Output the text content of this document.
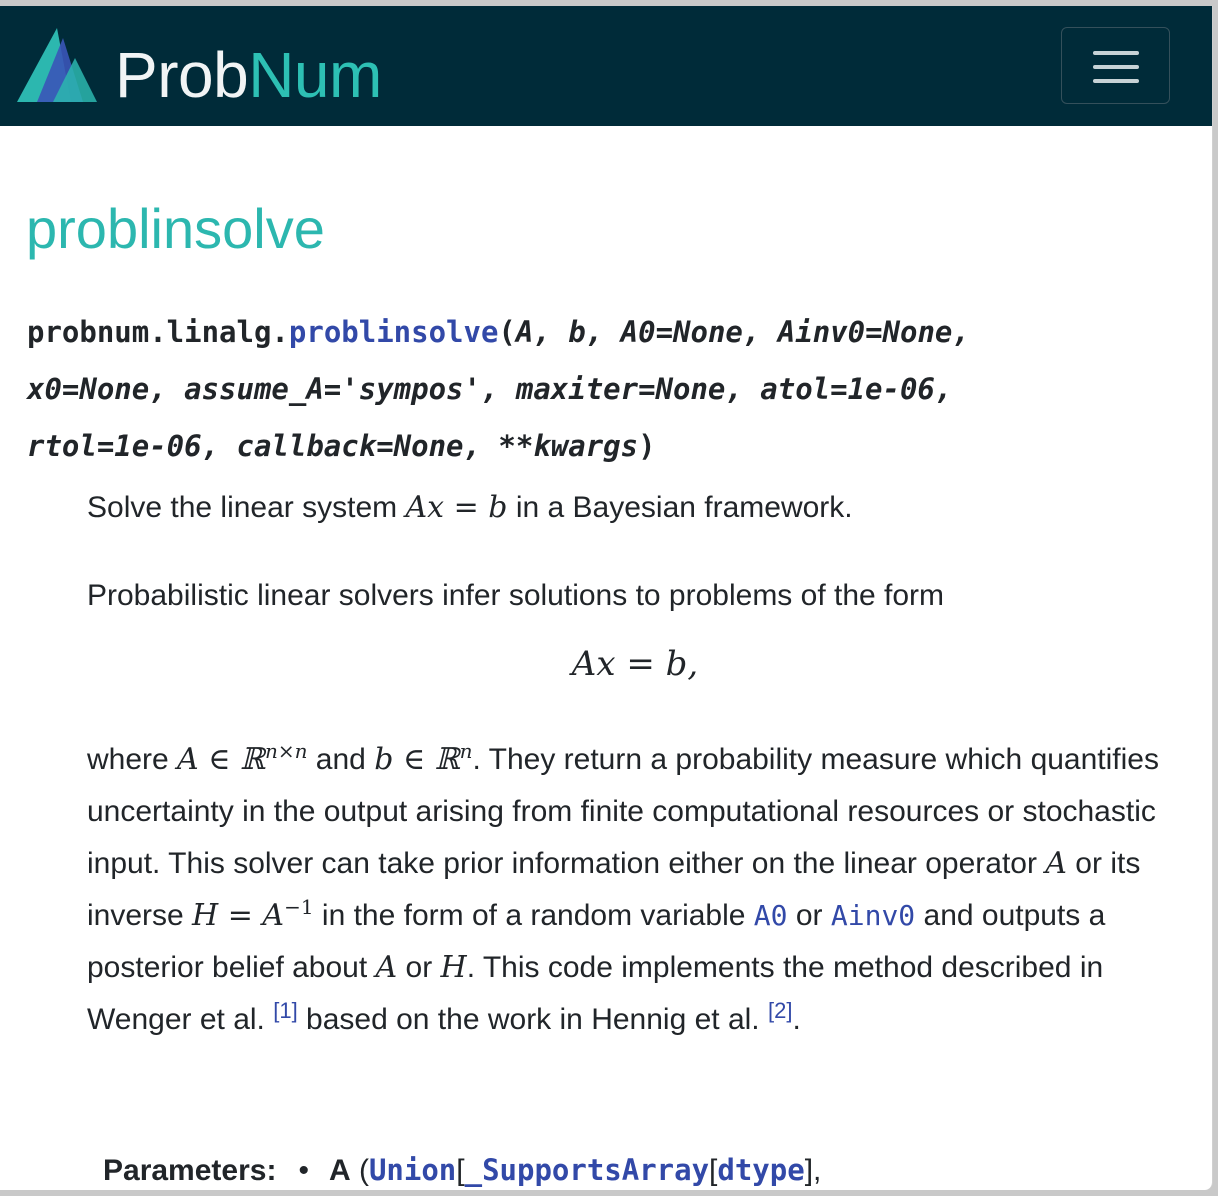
ProbNum
problinsolve
probnum.linalg.problinsolve(A, b, A0=None, Ainv0=None,
x0=None, assume_A='sympos', maxiter=None, atol=1e-06,
rtol=1e-06, callback=None, **kwargs)
Solve the linear system Ax = b in a Bayesian framework.
Probabilistic linear solvers infer solutions to problems of the form
Ax = b,
where A ∈ ℝ$^{n\times n}$ and b ∈ ℝ$^n$. They return a probability measure which quantifies uncertainty in the output arising from finite computational resources or stochastic input. This solver can take prior information either on the linear operator A or its inverse $H = A^{-1}$ in the form of a random variable A0 or Ainv0 and outputs a posterior belief about A or H. This code implements the method described in Wenger et al. [1] based on the work in Hennig et al. [2].
Parameters: • A (Union[_SupportsArray[dtype],
